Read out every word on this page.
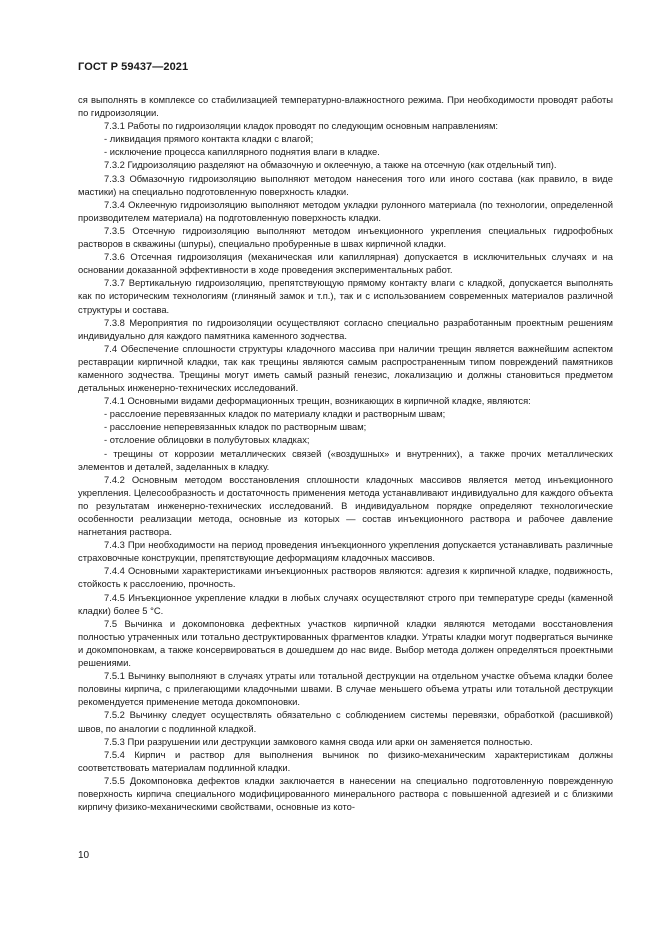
ГОСТ Р 59437—2021

ся выполнять в комплексе со стабилизацией температурно-влажностного режима. При необходимости проводят работы по гидроизоляции.

7.3.1 Работы по гидроизоляции кладок проводят по следующим основным направлениям:

- ликвидация прямого контакта кладки с влагой;

- исключение процесса капиллярного поднятия влаги в кладке.

7.3.2 Гидроизоляцию разделяют на обмазочную и оклеечную, а также на отсечную (как отдельный тип).

7.3.3 Обмазочную гидроизоляцию выполняют методом нанесения того или иного состава (как правило, в виде мастики) на специально подготовленную поверхность кладки.

7.3.4 Оклеечную гидроизоляцию выполняют методом укладки рулонного материала (по технологии, определенной производителем материала) на подготовленную поверхность кладки.

7.3.5 Отсечную гидроизоляцию выполняют методом инъекционного укрепления специальных гидрофобных растворов в скважины (шпуры), специально пробуренные в швах кирпичной кладки.

7.3.6 Отсечная гидроизоляция (механическая или капиллярная) допускается в исключительных случаях и на основании доказанной эффективности в ходе проведения экспериментальных работ.

7.3.7 Вертикальную гидроизоляцию, препятствующую прямому контакту влаги с кладкой, допускается выполнять как по историческим технологиям (глиняный замок и т.п.), так и с использованием современных материалов различной структуры и состава.

7.3.8 Мероприятия по гидроизоляции осуществляют согласно специально разработанным проектным решениям индивидуально для каждого памятника каменного зодчества.

7.4 Обеспечение сплошности структуры кладочного массива при наличии трещин является важнейшим аспектом реставрации кирпичной кладки, так как трещины являются самым распространенным типом повреждений памятников каменного зодчества. Трещины могут иметь самый разный генезис, локализацию и должны становиться предметом детальных инженерно-технических исследований.

7.4.1 Основными видами деформационных трещин, возникающих в кирпичной кладке, являются:

- расслоение перевязанных кладок по материалу кладки и растворным швам;

- расслоение неперевязанных кладок по растворным швам;

- отслоение облицовки в полубутовых кладках;

- трещины от коррозии металлических связей («воздушных» и внутренних), а также прочих металлических элементов и деталей, заделанных в кладку.

7.4.2 Основным методом восстановления сплошности кладочных массивов является метод инъекционного укрепления. Целесообразность и достаточность применения метода устанавливают индивидуально для каждого объекта по результатам инженерно-технических исследований. В индивидуальном порядке определяют технологические особенности реализации метода, основные из которых — состав инъекционного раствора и рабочее давление нагнетания раствора.

7.4.3 При необходимости на период проведения инъекционного укрепления допускается устанавливать различные страховочные конструкции, препятствующие деформациям кладочных массивов.

7.4.4 Основными характеристиками инъекционных растворов являются: адгезия к кирпичной кладке, подвижность, стойкость к расслоению, прочность.

7.4.5 Инъекционное укрепление кладки в любых случаях осуществляют строго при температуре среды (каменной кладки) более 5 °С.

7.5 Вычинка и докомпоновка дефектных участков кирпичной кладки являются методами восстановления полностью утраченных или тотально деструктированных фрагментов кладки. Утраты кладки могут подвергаться вычинке и докомпоновкам, а также консервироваться в дошедшем до нас виде. Выбор метода должен определяться проектными решениями.

7.5.1 Вычинку выполняют в случаях утраты или тотальной деструкции на отдельном участке объема кладки более половины кирпича, с прилегающими кладочными швами. В случае меньшего объема утраты или тотальной деструкции рекомендуется применение метода докомпоновки.

7.5.2 Вычинку следует осуществлять обязательно с соблюдением системы перевязки, обработкой (расшивкой) швов, по аналогии с подлинной кладкой.

7.5.3 При разрушении или деструкции замкового камня свода или арки он заменяется полностью.

7.5.4 Кирпич и раствор для выполнения вычинок по физико-механическим характеристикам должны соответствовать материалам подлинной кладки.

7.5.5 Докомпоновка дефектов кладки заключается в нанесении на специально подготовленную поврежденную поверхность кирпича специального модифицированного минерального раствора с повышенной адгезией и с близкими кирпичу физико-механическими свойствами, основные из кото-

10
